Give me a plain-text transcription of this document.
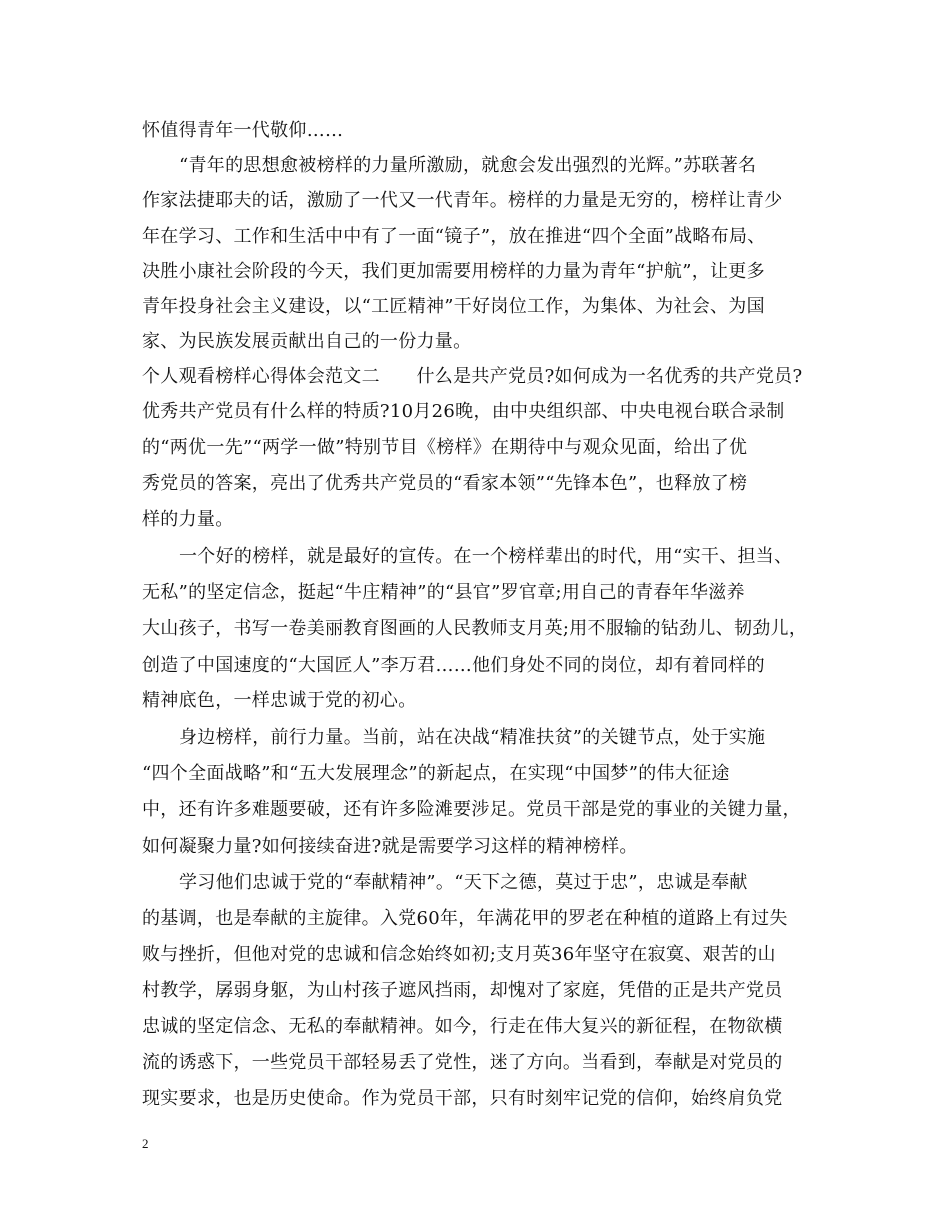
怀值得青年一代敬仰……
“青年的思想愈被榜样的力量所激励，就愈会发出强烈的光辉。”苏联著名
作家法捷耶夫的话，激励了一代又一代青年。榜样的力量是无穷的，榜样让青少
年在学习、工作和生活中中有了一面“镜子”，放在推进“四个全面”战略布局、
决胜小康社会阶段的今天，我们更加需要用榜样的力量为青年“护航”，让更多
青年投身社会主义建设，以“工匠精神”干好岗位工作，为集体、为社会、为国
家、为民族发展贡献出自己的一份力量。
个人观看榜样心得体会范文二　　什么是共产党员?如何成为一名优秀的共产党员?
优秀共产党员有什么样的特质?10月26晚，由中央组织部、中央电视台联合录制
的“两优一先”“两学一做”特别节目《榜样》在期待中与观众见面，给出了优
秀党员的答案，亮出了优秀共产党员的“看家本领”“先锋本色”，也释放了榜
样的力量。
一个好的榜样，就是最好的宣传。在一个榜样辈出的时代，用“实干、担当、
无私”的坚定信念，挺起“牛庄精神”的“县官”罗官章;用自己的青春年华滋养
大山孩子，书写一卷美丽教育图画的人民教师支月英;用不服输的钻劲儿、韧劲儿，
创造了中国速度的“大国匠人”李万君……他们身处不同的岗位，却有着同样的
精神底色，一样忠诚于党的初心。
身边榜样，前行力量。当前，站在决战“精准扶贫”的关键节点，处于实施
“四个全面战略”和“五大发展理念”的新起点，在实现“中国梦”的伟大征途
中，还有许多难题要破，还有许多险滩要涉足。党员干部是党的事业的关键力量，
如何凝聚力量?如何接续奋进?就是需要学习这样的精神榜样。
学习他们忠诚于党的“奉献精神”。“天下之德，莫过于忠”，忠诚是奉献
的基调，也是奉献的主旋律。入党60年，年满花甲的罗老在种植的道路上有过失
败与挫折，但他对党的忠诚和信念始终如初;支月英36年坚守在寂寞、艰苦的山
村教学，孱弱身躯，为山村孩子遮风挡雨，却愧对了家庭，凭借的正是共产党员
忠诚的坚定信念、无私的奉献精神。如今，行走在伟大复兴的新征程，在物欲横
流的诱惑下，一些党员干部轻易丢了党性，迷了方向。当看到，奉献是对党员的
现实要求，也是历史使命。作为党员干部，只有时刻牢记党的信仰，始终肩负党
2
